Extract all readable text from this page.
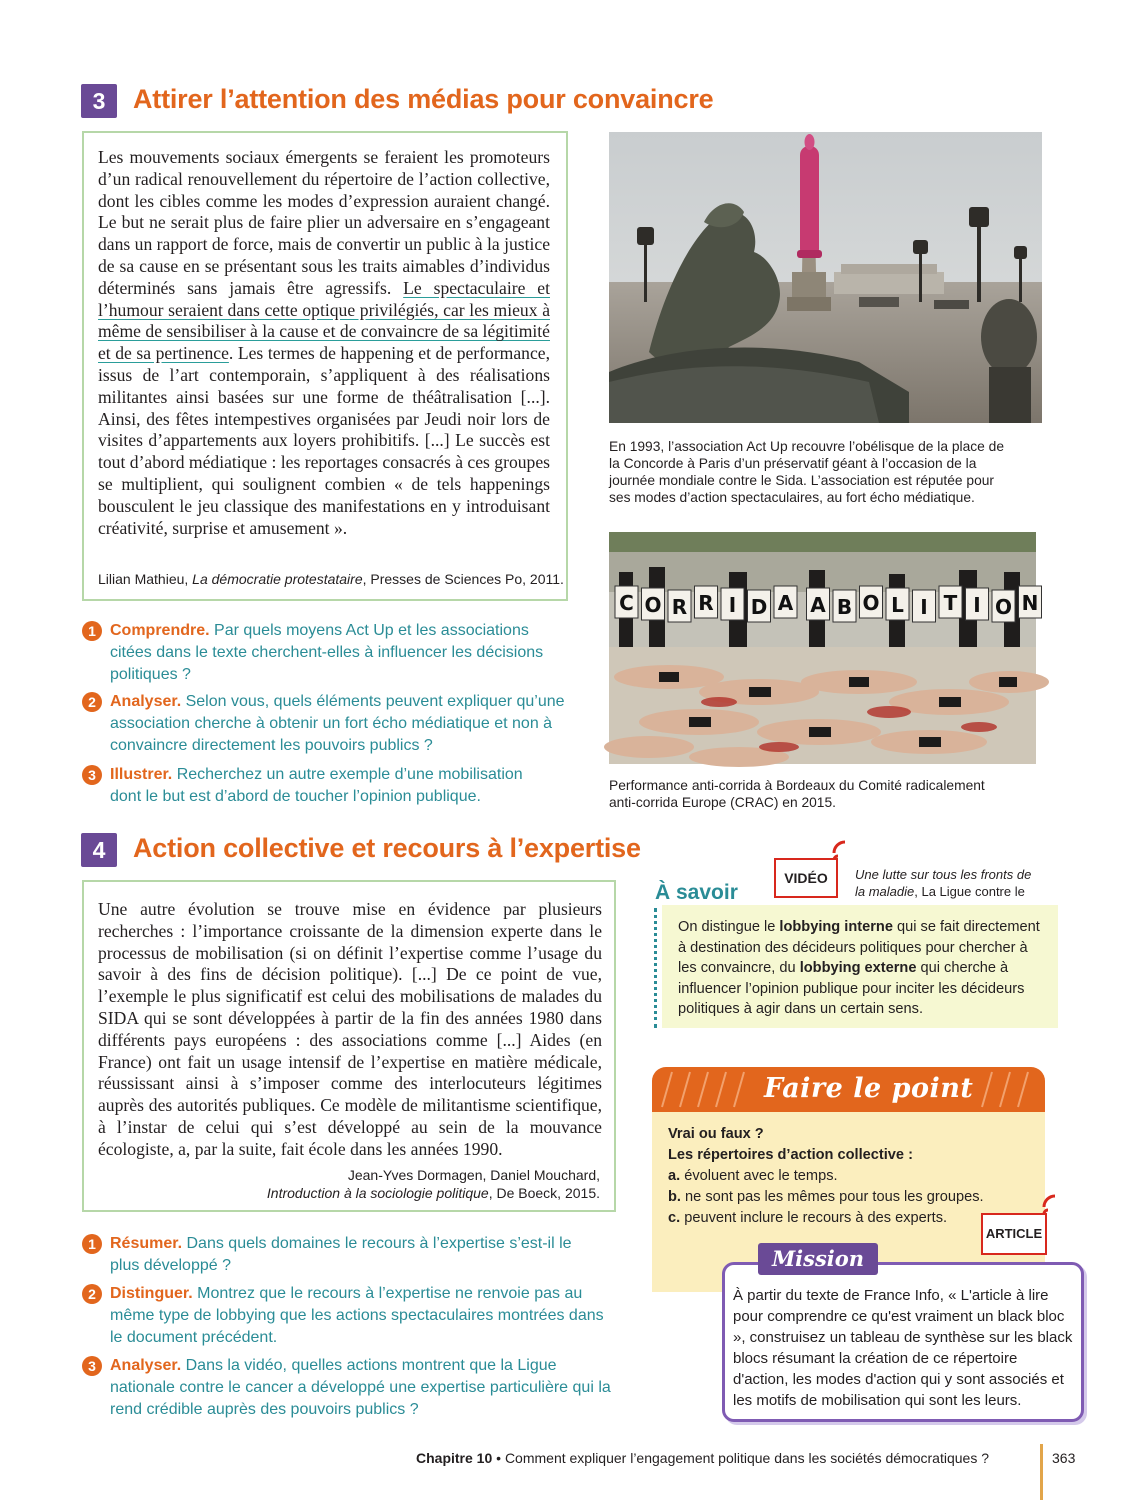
3	Attirer l’attention des médias pour convaincre

Les mouvements sociaux émergents se feraient les promoteurs d’un radical renouvellement du répertoire de l’action collective, dont les cibles comme les modes d’expression auraient changé. Le but ne serait plus de faire plier un adversaire en s’engageant dans un rapport de force, mais de convertir un public à la justice de sa cause en se présentant sous les traits aimables d’individus déterminés sans jamais être agressifs. Le spectaculaire et l’humour seraient dans cette optique privilégiés, car les mieux à même de sensibiliser à la cause et de convaincre de sa légitimité et de sa pertinence. Les termes de happening et de performance, issus de l’art contemporain, s’appliquent à des réalisations militantes ainsi basées sur une forme de théâtralisation [...]. Ainsi, des fêtes intempestives organisées par Jeudi noir lors de visites d’appartements aux loyers prohibitifs. [...] Le succès est tout d’abord médiatique : les reportages consacrés à ces groupes se multiplient, qui soulignent combien « de tels happenings bousculent le jeu classique des manifestations en y introduisant créativité, surprise et amusement ».

Lilian Mathieu, La démocratie protestataire, Presses de Sciences Po, 2011.
1 Comprendre. Par quels moyens Act Up et les associations citées dans le texte cherchent-elles à influencer les décisions politiques ?
2 Analyser. Selon vous, quels éléments peuvent expliquer qu’une association cherche à obtenir un fort écho médiatique et non à convaincre directement les pouvoirs publics ?
3 Illustrer. Recherchez un autre exemple d’une mobilisation dont le but est d’abord de toucher l’opinion publique.
En 1993, l’association Act Up recouvre l’obélisque de la place de la Concorde à Paris d’un préservatif géant à l’occasion de la journée mondiale contre le Sida. L’association est réputée pour ses modes d’action spectaculaires, au fort écho médiatique.
C O R R I D A A B O L I T I O N
Performance anti-corrida à Bordeaux du Comité radicalement anti-corrida Europe (CRAC) en 2015.
4	Action collective et recours à l’expertise

Une autre évolution se trouve mise en évidence par plusieurs recherches : l’importance croissante de la dimension experte dans le processus de mobilisation (si on définit l’expertise comme l’usage du savoir à des fins de décision politique). [...] De ce point de vue, l’exemple le plus significatif est celui des mobilisations de malades du SIDA qui se sont développées à partir de la fin des années 1980 dans différents pays européens : des associations comme [...] Aides (en France) ont fait un usage intensif de l’expertise en matière médicale, réussissant ainsi à s’imposer comme des interlocuteurs légitimes auprès des autorités publiques. Ce modèle de militantisme scientifique, à l’instar de celui qui s’est développé au sein de la mouvance écologiste, a, par la suite, fait école dans les années 1990.

Jean-Yves Dormagen, Daniel Mouchard,
Introduction à la sociologie politique, De Boeck, 2015.
1 Résumer. Dans quels domaines le recours à l’expertise s’est-il le plus développé ?
2 Distinguer. Montrez que le recours à l’expertise ne renvoie pas au même type de lobbying que les actions spectaculaires montrées dans le document précédent.
3 Analyser. Dans la vidéo, quelles actions montrent que la Ligue nationale contre le cancer a développé une expertise particulière qui la rend crédible auprès des pouvoirs publics ?
VIDÉO	Une lutte sur tous les fronts de la maladie, La Ligue contre le
À savoir
On distingue le lobbying interne qui se fait directement à destination des décideurs politiques pour chercher à les convaincre, du lobbying externe qui cherche à influencer l’opinion publique pour inciter les décideurs politiques à agir dans un certain sens.
Faire le point
Vrai ou faux ?
Les répertoires d’action collective :
a. évoluent avec le temps.
b. ne sont pas les mêmes pour tous les groupes.
c. peuvent inclure le recours à des experts.
ARTICLE
Mission
À partir du texte de France Info, « L'article à lire pour comprendre ce qu'est vraiment un black bloc », construisez un tableau de synthèse sur les black blocs résumant la création de ce répertoire d'action, les modes d'action qui y sont associés et les motifs de mobilisation qui sont les leurs.
Chapitre 10 • Comment expliquer l’engagement politique dans les sociétés démocratiques ?	363
